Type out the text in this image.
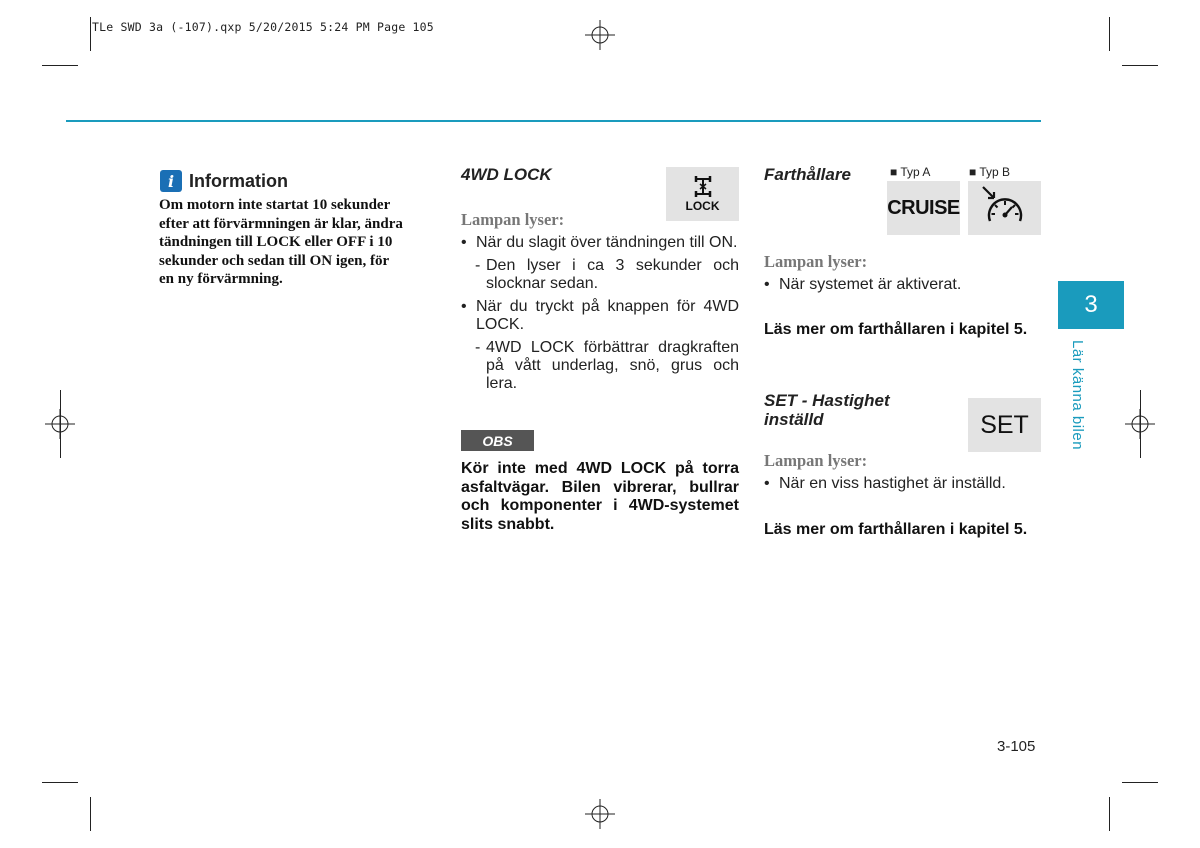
TLe SWD 3a (-107).qxp 5/20/2015 5:24 PM Page 105
i Information
Om motorn inte startat 10 sekunder
efter att förvärmningen är klar, ändra
tändningen till LOCK eller OFF i 10
sekunder och sedan till ON igen, för
en ny förvärmning.
4WD LOCK
LOCK
Lampan lyser:
• När du slagit över tändningen till ON.
- Den lyser i ca 3 sekunder och slocknar sedan.
• När du tryckt på knappen för 4WD LOCK.
- 4WD LOCK förbättrar dragkraften på vått underlag, snö, grus och lera.
OBS
Kör inte med 4WD LOCK på torra asfaltvägar. Bilen vibrerar, bullrar och komponenter i 4WD-systemet slits snabbt.
Farthållare	■ Typ A	■ Typ B
CRUISE
Lampan lyser:
• När systemet är aktiverat.
Läs mer om farthållaren i kapitel 5.
SET - Hastighet
inställd	SET
Lampan lyser:
• När en viss hastighet är inställd.
Läs mer om farthållaren i kapitel 5.
3
Lär känna bilen
3-105
